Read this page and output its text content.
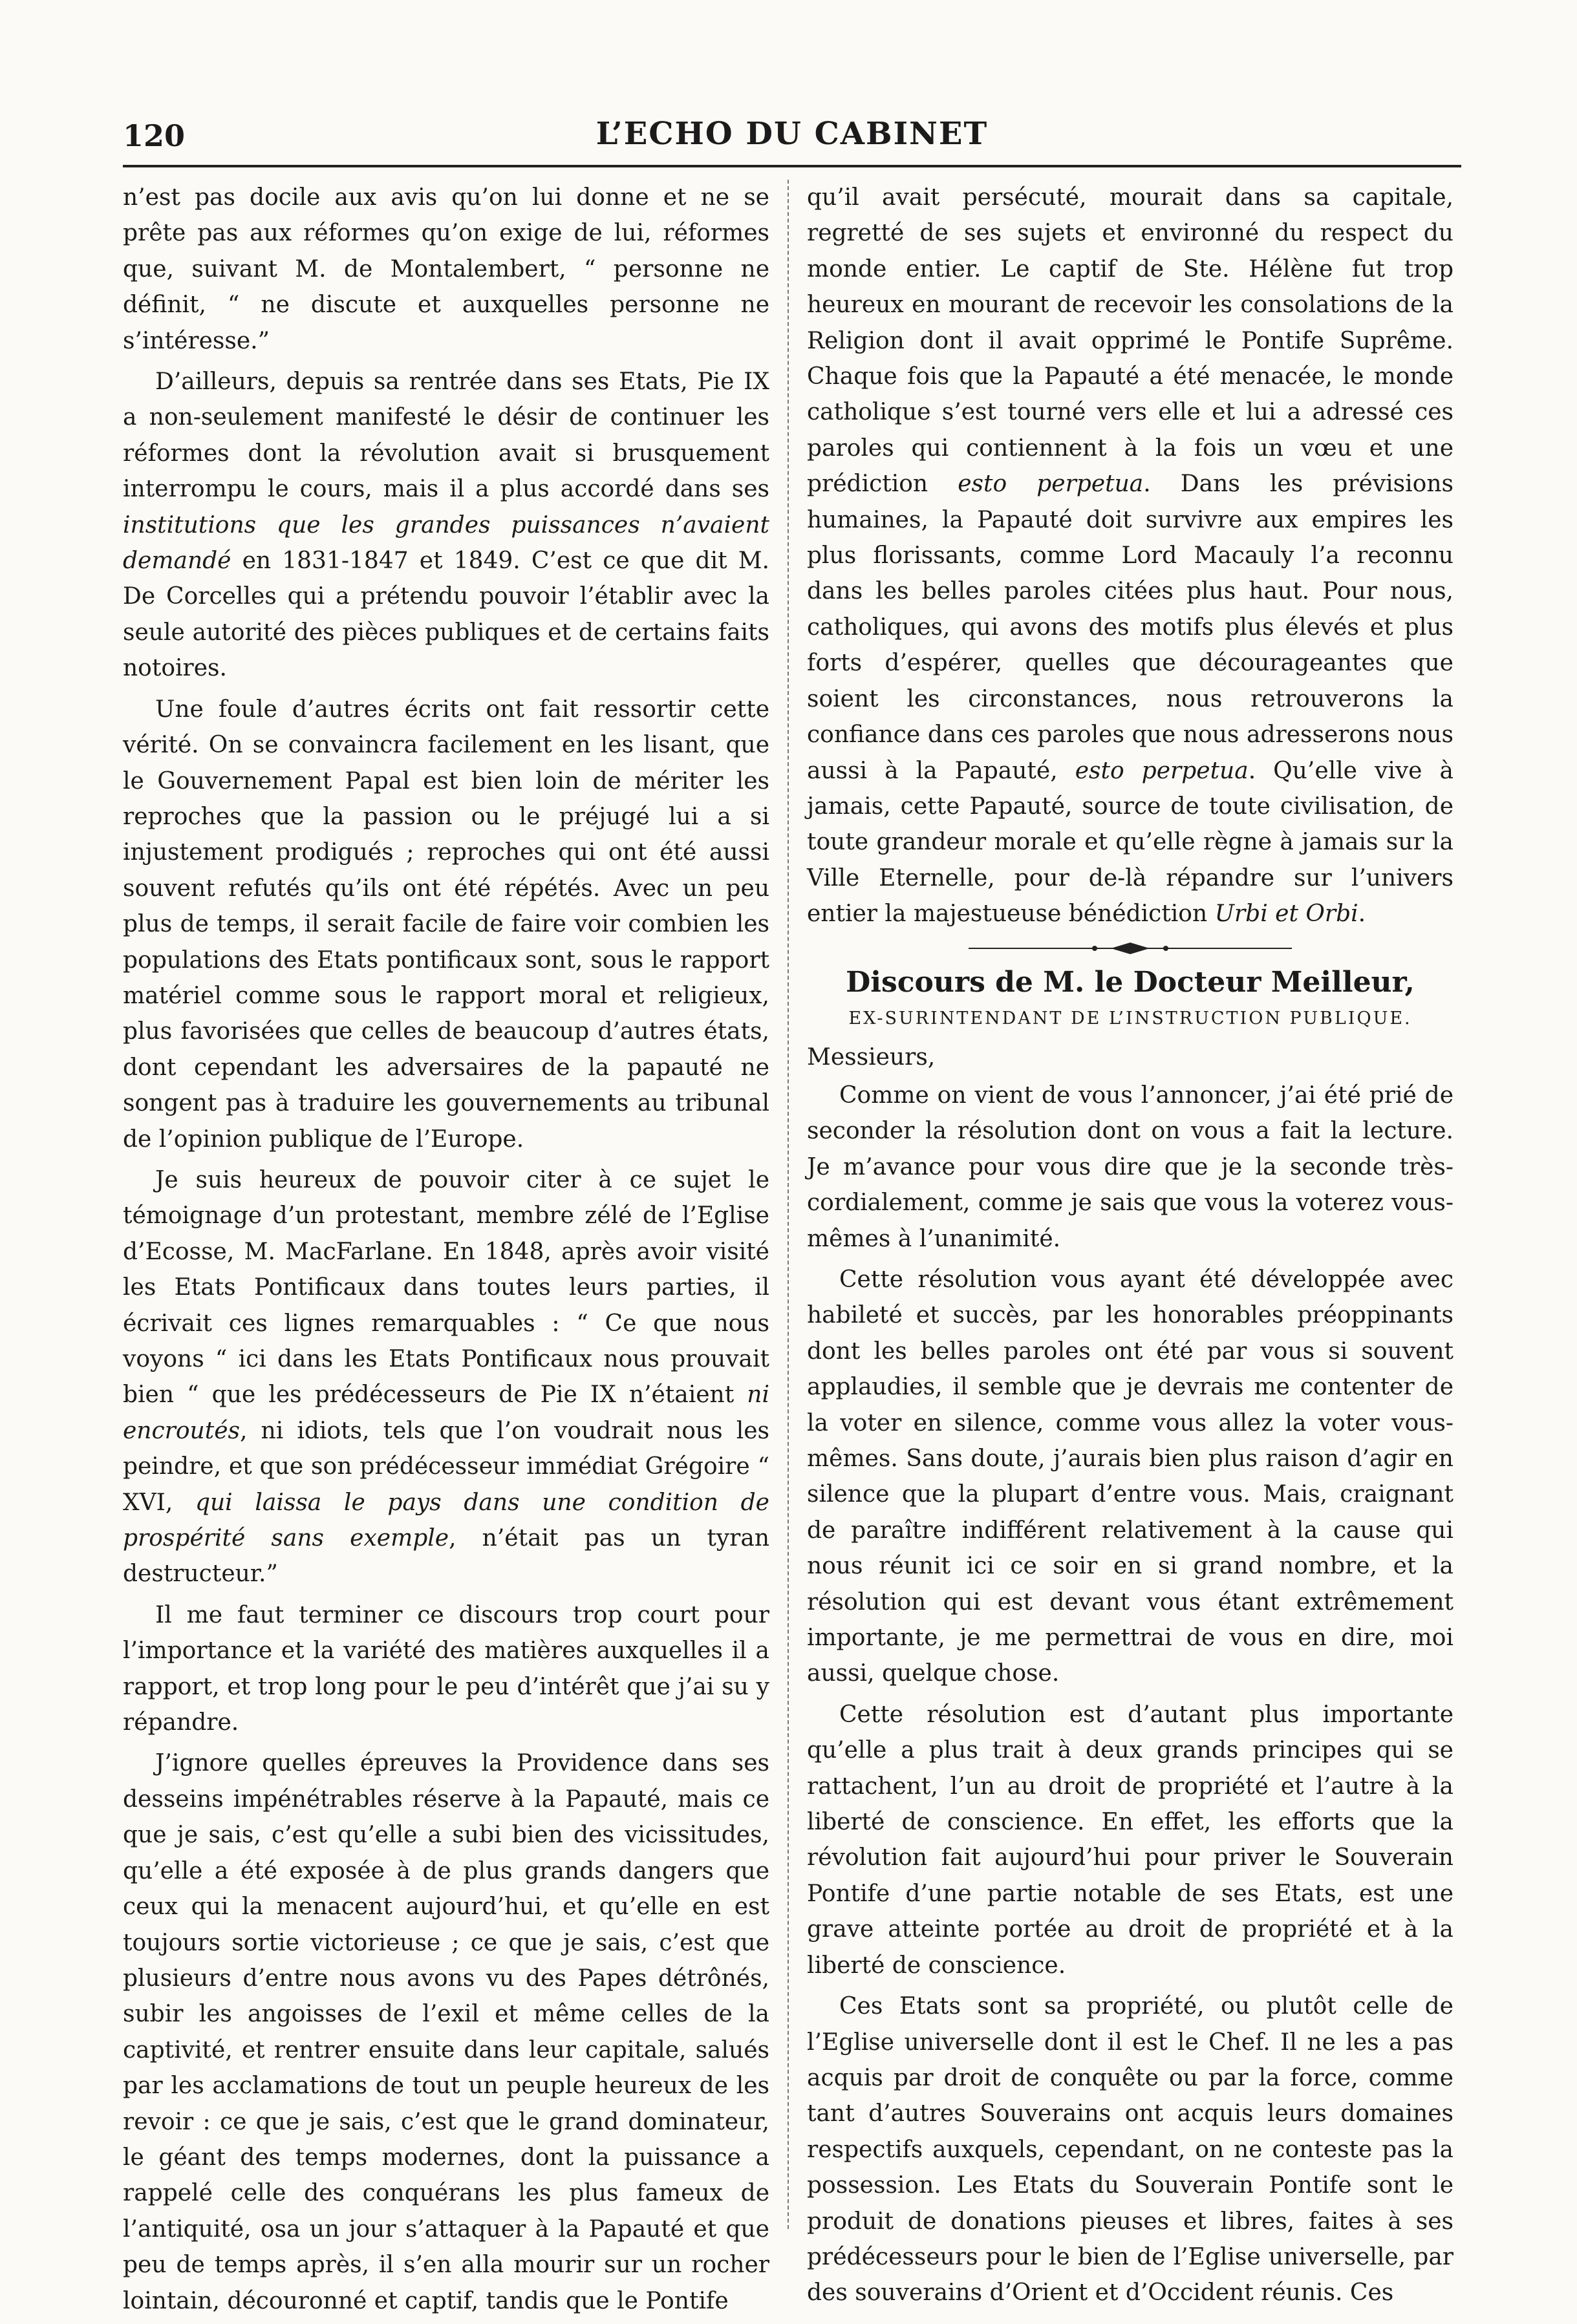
120	L’ECHO DU CABINET

n’est pas docile aux avis qu’on lui donne et ne se prête pas aux réformes qu’on exige de lui, réformes que, suivant M. de Montalembert, “ personne ne définit, “ ne discute et auxquelles personne ne s’intéresse.”

D’ailleurs, depuis sa rentrée dans ses Etats, Pie IX a non-seulement manifesté le désir de continuer les réformes dont la révolution avait si brusquement interrompu le cours, mais il a plus accordé dans ses institutions que les grandes puissances n’avaient demandé en 1831-1847 et 1849. C’est ce que dit M. De Corcelles qui a prétendu pouvoir l’établir avec la seule autorité des pièces publiques et de certains faits notoires.

Une foule d’autres écrits ont fait ressortir cette vérité. On se convaincra facilement en les lisant, que le Gouvernement Papal est bien loin de mériter les reproches que la passion ou le préjugé lui a si injustement prodigués ; reproches qui ont été aussi souvent refutés qu’ils ont été répétés. Avec un peu plus de temps, il serait facile de faire voir combien les populations des Etats pontificaux sont, sous le rapport matériel comme sous le rapport moral et religieux, plus favorisées que celles de beaucoup d’autres états, dont cependant les adversaires de la papauté ne songent pas à traduire les gouvernements au tribunal de l’opinion publique de l’Europe.

Je suis heureux de pouvoir citer à ce sujet le témoignage d’un protestant, membre zélé de l’Eglise d’Ecosse, M. MacFarlane. En 1848, après avoir visité les Etats Pontificaux dans toutes leurs parties, il écrivait ces lignes remarquables : “ Ce que nous voyons “ ici dans les Etats Pontificaux nous prouvait bien “ que les prédécesseurs de Pie IX n’étaient ni encroutés, ni idiots, tels que l’on voudrait nous les peindre, et que son prédécesseur immédiat Grégoire “ XVI, qui laissa le pays dans une condition de prospérité sans exemple, n’était pas un tyran destructeur.”

Il me faut terminer ce discours trop court pour l’importance et la variété des matières auxquelles il a rapport, et trop long pour le peu d’intérêt que j’ai su y répandre.

J’ignore quelles épreuves la Providence dans ses desseins impénétrables réserve à la Papauté, mais ce que je sais, c’est qu’elle a subi bien des vicissitudes, qu’elle a été exposée à de plus grands dangers que ceux qui la menacent aujourd’hui, et qu’elle en est toujours sortie victorieuse ; ce que je sais, c’est que plusieurs d’entre nous avons vu des Papes détrônés, subir les angoisses de l’exil et même celles de la captivité, et rentrer ensuite dans leur capitale, salués par les acclamations de tout un peuple heureux de les revoir : ce que je sais, c’est que le grand dominateur, le géant des temps modernes, dont la puissance a rappelé celle des conquérans les plus fameux de l’antiquité, osa un jour s’attaquer à la Papauté et que peu de temps après, il s’en alla mourir sur un rocher lointain, découronné et captif, tandis que le Pontife

qu’il avait persécuté, mourait dans sa capitale, regretté de ses sujets et environné du respect du monde entier. Le captif de Ste. Hélène fut trop heureux en mourant de recevoir les consolations de la Religion dont il avait opprimé le Pontife Suprême. Chaque fois que la Papauté a été menacée, le monde catholique s’est tourné vers elle et lui a adressé ces paroles qui contiennent à la fois un vœu et une prédiction esto perpetua. Dans les prévisions humaines, la Papauté doit survivre aux empires les plus florissants, comme Lord Macauly l’a reconnu dans les belles paroles citées plus haut. Pour nous, catholiques, qui avons des motifs plus élevés et plus forts d’espérer, quelles que décourageantes que soient les circonstances, nous retrouverons la confiance dans ces paroles que nous adresserons nous aussi à la Papauté, esto perpetua. Qu’elle vive à jamais, cette Papauté, source de toute civilisation, de toute grandeur morale et qu’elle règne à jamais sur la Ville Eternelle, pour de-là répandre sur l’univers entier la majestueuse bénédiction Urbi et Orbi.

Discours de M. le Docteur Meilleur,
EX-SURINTENDANT DE L’INSTRUCTION PUBLIQUE.

Messieurs,

Comme on vient de vous l’annoncer, j’ai été prié de seconder la résolution dont on vous a fait la lecture. Je m’avance pour vous dire que je la seconde très-cordialement, comme je sais que vous la voterez vous-mêmes à l’unanimité.

Cette résolution vous ayant été développée avec habileté et succès, par les honorables préoppinants dont les belles paroles ont été par vous si souvent applaudies, il semble que je devrais me contenter de la voter en silence, comme vous allez la voter vous-mêmes. Sans doute, j’aurais bien plus raison d’agir en silence que la plupart d’entre vous. Mais, craignant de paraître indifférent relativement à la cause qui nous réunit ici ce soir en si grand nombre, et la résolution qui est devant vous étant extrêmement importante, je me permettrai de vous en dire, moi aussi, quelque chose.

Cette résolution est d’autant plus importante qu’elle a plus trait à deux grands principes qui se rattachent, l’un au droit de propriété et l’autre à la liberté de conscience. En effet, les efforts que la révolution fait aujourd’hui pour priver le Souverain Pontife d’une partie notable de ses Etats, est une grave atteinte portée au droit de propriété et à la liberté de conscience.

Ces Etats sont sa propriété, ou plutôt celle de l’Eglise universelle dont il est le Chef. Il ne les a pas acquis par droit de conquête ou par la force, comme tant d’autres Souverains ont acquis leurs domaines respectifs auxquels, cependant, on ne conteste pas la possession. Les Etats du Souverain Pontife sont le produit de donations pieuses et libres, faites à ses prédécesseurs pour le bien de l’Eglise universelle, par des souverains d’Orient et d’Occident réunis. Ces
